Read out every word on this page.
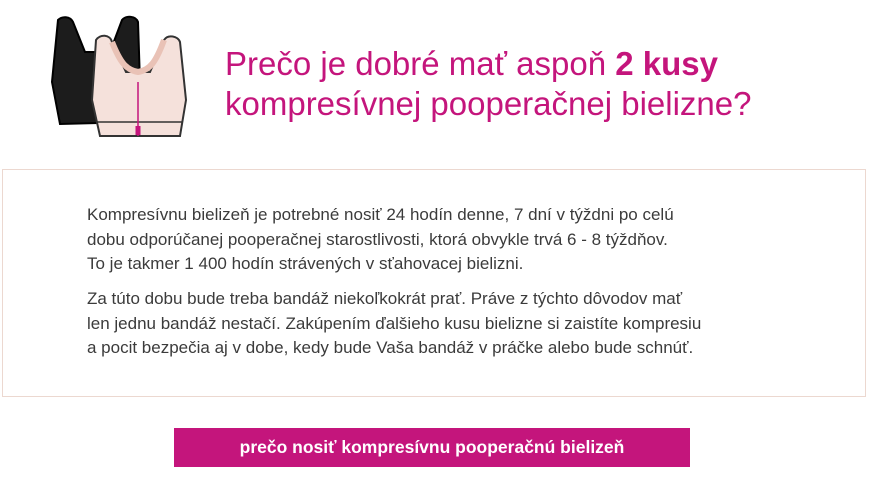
Prečo je dobré mať aspoň 2 kusy
kompresívnej pooperačnej bielizne?

Kompresívnu bielizeň je potrebné nosiť 24 hodín denne, 7 dní v týždni po celú
dobu odporúčanej pooperačnej starostlivosti, ktorá obvykle trvá 6 - 8 týždňov.
To je takmer 1 400 hodín strávených v sťahovacej bielizni.

Za túto dobu bude treba bandáž niekoľkokrát prať. Práve z týchto dôvodov mať
len jednu bandáž nestačí. Zakúpením ďalšieho kusu bielizne si zaistíte kompresiu
a pocit bezpečia aj v dobe, kedy bude Vaša bandáž v práčke alebo bude schnúť.

prečo nosiť kompresívnu pooperačnú bielizeň
